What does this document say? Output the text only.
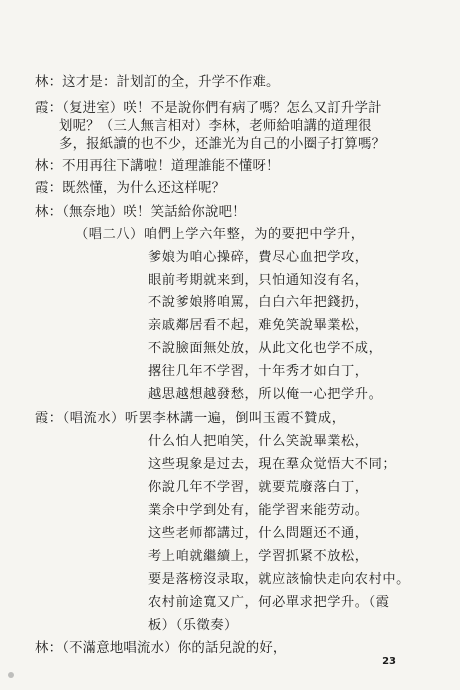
林：这才是：計划訂的全，升学不作难。
霞：（复进室）咲！不是說你們有病了嗎？怎么又訂升学計
划呢？（三人無言相对）李林，老师給咱講的道理很
多，报紙讀的也不少，还誰光为自己的小圈子打算嗎？
林：不用再往下講啦！道理誰能不懂呀！
霞：既然懂，为什么还这样呢？
林：（無奈地）咲！笑話給你說吧！
（唱二八）咱們上学六年整，为的要把中学升，
爹娘为咱心操碎，費尽心血把学攻，
眼前考期就来到，只怕通知沒有名，
不說爹娘將咱罵，白白六年把錢扔，
亲戚鄰居看不起，难免笑說畢業松，
不說臉面無处放，从此文化也学不成，
撂往几年不学習，十年秀才如白丁，
越思越想越發愁，所以俺一心把学升。
霞：（唱流水）听罢李林講一遍，倒叫玉霞不贊成，
什么怕人把咱笑，什么笑說畢業松，
这些現象是过去，現在羣众觉悟大不同；
你說几年不学習，就要荒廢落白丁，
業余中学到处有，能学習来能劳动。
这些老师都講过，什么問題还不通，
考上咱就繼續上，学習抓紧不放松，
要是落榜沒录取，就应該愉快走向农村中。
农村前途寬又广，何必單求把学升。（霞
板）（乐徵奏）
林：（不滿意地唱流水）你的話兒說的好，
23
